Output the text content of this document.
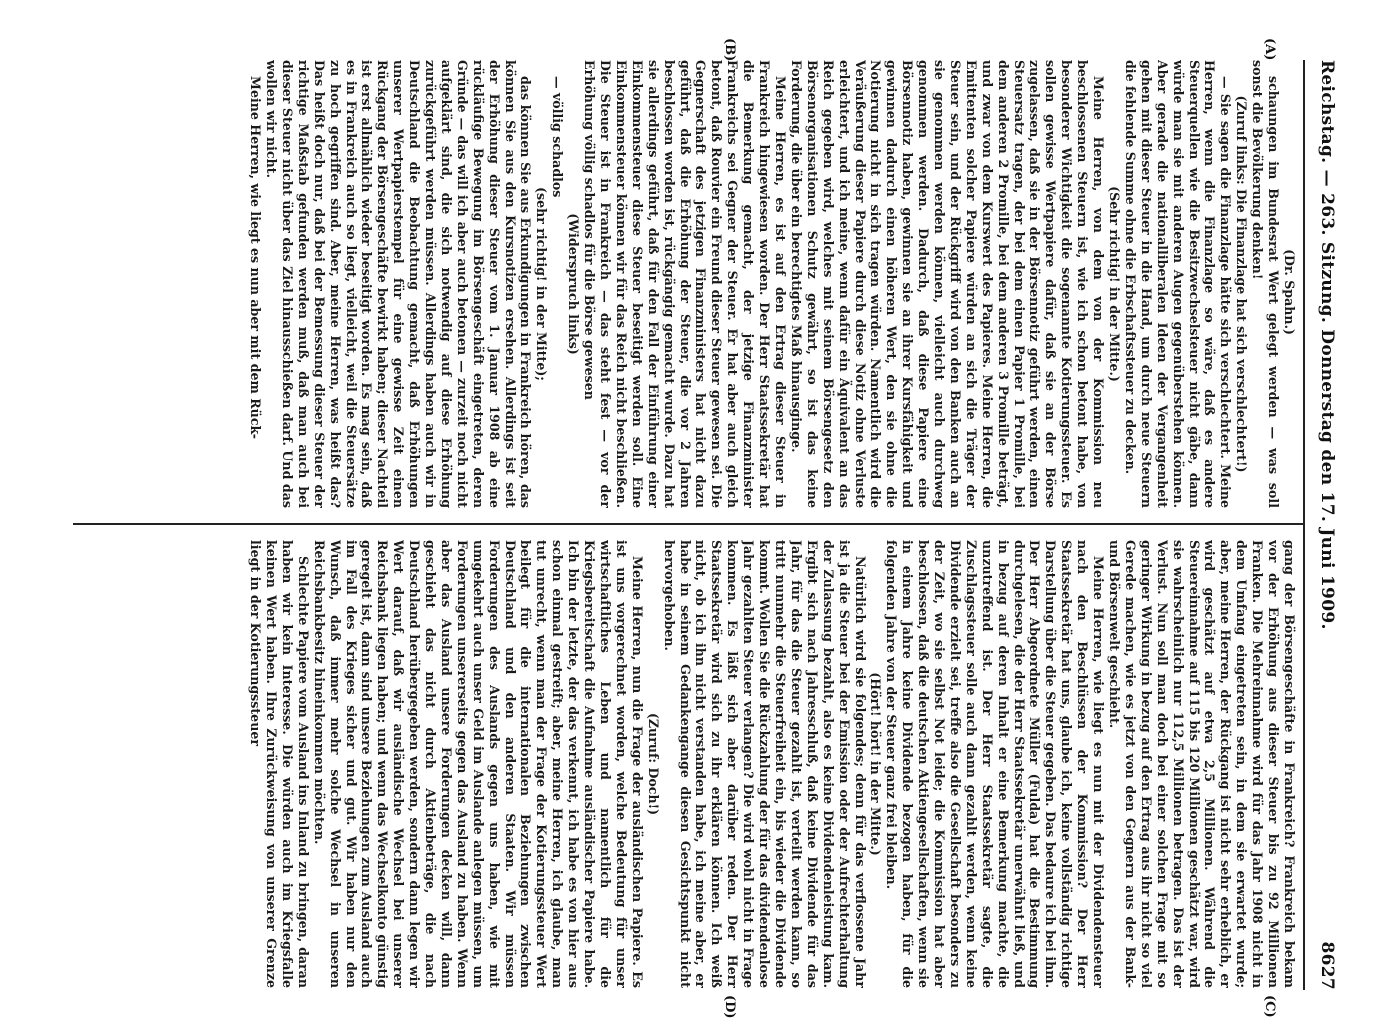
Reichstag. — 263. Sitzung. Donnerstag den 17. Juni 1909.
8627
(A)
(B)
(C)
(D)

(Dr. Spahn.)

schaungen im Bundesrat Wert gelegt werden — was soll sonst die Bevölkerung denken!

(Zuruf links: Die Finanzlage hat sich verschlechtert!)

— Sie sagen die Finanzlage hätte sich verschlechtert. Meine Herren, wenn die Finanzlage so wäre, daß es andere Steuerquellen wie die Besitzwechselsteuer nicht gäbe, dann würde man sie mit anderen Augen gegenüberstehen können. Aber gerade die nationalliberalen Ideen der Vergangenheit gehen mit dieser Steuer in die Hand, um durch neue Steuern die fehlende Summe ohne die Erbschaftssteuer zu decken.

(Sehr richtig! in der Mitte.)

Meine Herren, von dem von der Kommission neu beschlossenen Steuern ist, wie ich schon betont habe, von besonderer Wichtigkeit die sogenannte Kotierungssteuer. Es sollen gewisse Wertpapiere dafür, daß sie an der Börse zugelassen, daß sie in der Börsennotiz geführt werden, einen Steuersatz tragen, der bei dem einen Papier 1 Promille, bei dem anderen 2 Promille, bei dem anderen 3 Promille beträgt, und zwar von dem Kurswert des Papieres. Meine Herren, die Emittenten solcher Papiere würden an sich die Träger der Steuer sein, und der Rückgriff wird von den Banken auch an sie genommen werden können, vielleicht auch durchweg genommen werden. Dadurch, daß diese Papiere eine Börsennotiz haben, gewinnen sie an ihrer Kursfähigkeit und gewinnen dadurch einen höheren Wert, den sie ohne die Notierung nicht in sich tragen würden. Namentlich wird die Veräußerung dieser Papiere durch diese Notiz ohne Verluste erleichtert, und ich meine, wenn dafür ein Äquivalent an das Reich gegeben wird, welches mit seinem Börsengesetz den Börsenorganisationen Schutz gewährt, so ist das keine Forderung, die über ein berechtigtes Maß hinausginge.

Meine Herren, es ist auf den Ertrag dieser Steuer in Frankreich hingewiesen worden. Der Herr Staatssekretär hat die Bemerkung gemacht, der jetzige Finanzminister Frankreichs sei Gegner der Steuer. Er hat aber auch gleich betont, daß Rouvier ein Freund dieser Steuer gewesen sei. Die Gegnerschaft des jetzigen Finanzministers hat nicht dazu geführt, daß die Erhöhung der Steuer, die vor 2 Jahren beschlossen worden ist, rückgängig gemacht wurde. Dazu hat sie allerdings geführt, daß für den Fall der Einführung einer Einkommensteuer diese Steuer beseitigt werden soll. Eine Einkommensteuer können wir für das Reich nicht beschließen. Die Steuer ist in Frankreich — das steht fest — vor der Erhöhung völlig schadlos für die Börse gewesen

(Widerspruch links)

— völlig schadlos

(sehr richtig! in der Mitte);

das können Sie aus Erkundigungen in Frankreich hören, das können Sie aus den Kursnotizen ersehen. Allerdings ist seit der Erhöhung dieser Steuer vom 1. Januar 1908 ab eine rückläufige Bewegung im Börsengeschäft eingetreten, deren Gründe — das will ich aber auch betonen — zurzeit noch nicht aufgeklärt sind, die sich notwendig auf diese Erhöhung zurückgeführt werden müssen. Allerdings haben auch wir in Deutschland die Beobachtung gemacht, daß Erhöhungen unserer Wertpapierstempel für eine gewisse Zeit einen Rückgang der Börsengeschäfte bewirkt haben; dieser Nachteil ist erst allmählich wieder beseitigt worden. Es mag sein, daß es in Frankreich auch so liegt, vielleicht, weil die Steuersätze zu hoch gegriffen sind. Aber, meine Herren, was heißt das? Das heißt doch nur, daß bei der Bemessung dieser Steuer der richtige Maßstab gefunden werden muß, daß man auch bei dieser Steuer nicht über das Ziel hinausschießen darf. Und das wollen wir nicht.

Meine Herren, wie liegt es nun aber mit dem Rück-

gang der Börsengeschäfte in Frankreich? Frankreich bekam vor der Erhöhung aus dieser Steuer bis zu 92 Millionen Franken. Die Mehreinnahme wird für das Jahr 1908 nicht in dem Umfang eingetreten sein, in dem sie erwartet wurde; aber, meine Herren, der Rückgang ist nicht sehr erheblich, er wird geschätzt auf etwa 2,5 Millionen. Während die Steuereinnahme auf 115 bis 120 Millionen geschätzt war, wird sie wahrscheinlich nur 112,5 Millionen betragen. Das ist der Verlust. Nun soll man doch bei einer solchen Frage mit so geringer Wirkung in bezug auf den Ertrag aus ihr nicht so viel Gerede machen, wie es jetzt von den Gegnern aus der Bank- und Börsenwelt geschieht.

Meine Herren, wie liegt es nun mit der Dividendensteuer nach den Beschlüssen der Kommission? Der Herr Staatssekretär hat uns, glaube ich, keine vollständig richtige Darstellung über die Steuer gegeben. Das bedaure ich bei ihm. Der Herr Abgeordnete Müller (Fulda) hat die Bestimmung durchgelesen, die der Herr Staatssekretär unerwähnt ließ, und in bezug auf deren Inhalt er eine Bemerkung machte, die unzutreffend ist. Der Herr Staatssekretär sagte, die Zuschlagssteuer solle auch dann gezahlt werden, wenn keine Dividende erzielt sei, treffe also die Gesellschaft besonders zu der Zeit, wo sie selbst Not leide; die Kommission hat aber beschlossen, daß die deutschen Aktiengesellschaften, wenn sie in einem Jahre keine Dividende bezogen haben, für die folgenden Jahre von der Steuer ganz frei bleiben.

(Hört! hört! in der Mitte.)

Natürlich wird sie folgendes; denn für das verflossene Jahr ist ja die Steuer bei der Emission oder der Aufrechterhaltung der Zulassung bezahlt, also es keine Dividendenleistung kam. Ergibt sich nach Jahresschluß, daß keine Dividende für das Jahr, für das die Steuer gezahlt ist, verteilt werden kann, so tritt nunmehr die Steuerfreiheit ein, bis wieder die Dividende kommt. Wollen Sie die Rückzahlung der für das dividendenlose Jahr gezahlten Steuer verlangen? Die wird wohl nicht in Frage kommen. Es läßt sich aber darüber reden. Der Herr Staatssekretär wird sich zu ihr erklären können. Ich weiß nicht, ob ich ihn nicht verstanden habe, ich meine aber, er habe in seinem Gedankengange diesen Gesichtspunkt nicht hervorgehoben.

(Zuruf: Doch!)

Meine Herren, nun die Frage der ausländischen Papiere. Es ist uns vorgerechnet worden, welche Bedeutung für unser wirtschaftliches Leben und namentlich für die Kriegsbereitschaft die Aufnahme ausländischer Papiere habe. Ich bin der letzte, der das verkennt, ich habe es von hier aus schon einmal gestreift; aber, meine Herren, ich glaube, man tut unrecht, wenn man der Frage der Kotierungssteuer Wert beilegt für die internationalen Beziehungen zwischen Deutschland und den anderen Staaten. Wir müssen Forderungen des Auslands gegen uns haben, wie mit umgekehrt auch unser Geld im Auslande anlegen müssen, um Forderungen unsererseits gegen das Ausland zu haben. Wenn aber das Ausland unsere Forderungen decken will, dann geschieht das nicht durch Aktienbeträge, die nach Deutschland herübergegeben werden, sondern dann legen wir Wert darauf, daß wir ausländische Wechsel bei unserer Reichsbank liegen haben; und wenn das Wechselkonto günstig geregelt ist, dann sind unsere Beziehungen zum Ausland auch im Fall des Krieges sicher und gut. Wir haben nur den Wunsch, daß immer mehr solche Wechsel in unseren Reichsbankbesitz hineinkommen möchten.

Schlechte Papiere vom Ausland ins Inland zu bringen, daran haben wir kein Interesse. Die würden auch im Kriegsfalle keinen Wert haben. Ihre Zurückweisung von unserer Grenze liegt in der Kotierungssteuer
